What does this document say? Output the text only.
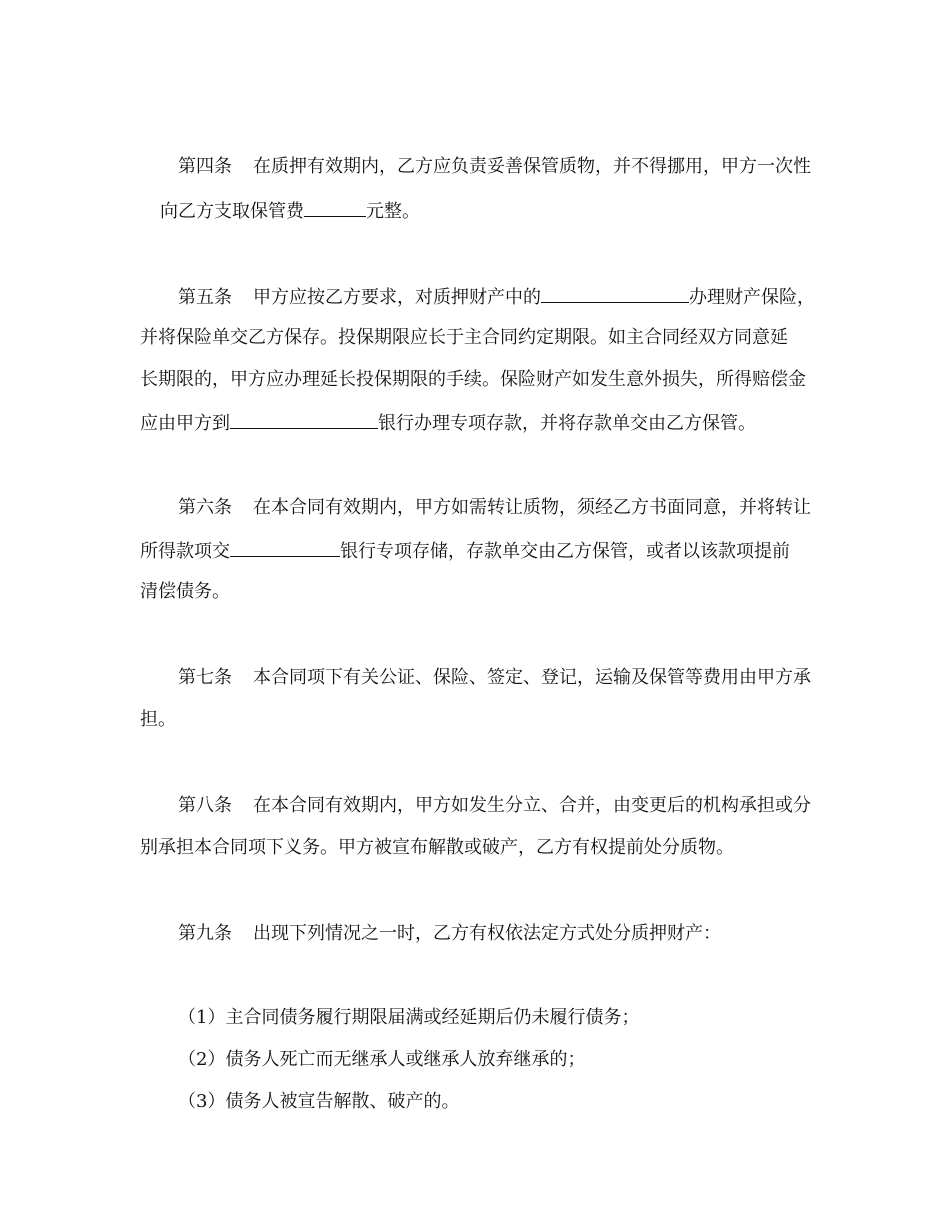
第四条 在质押有效期内，乙方应负责妥善保管质物，并不得挪用，甲方一次性
向乙方支取保管费	元整。
第五条 甲方应按乙方要求，对质押财产中的	办理财产保险，
并将保险单交乙方保存。投保期限应长于主合同约定期限。如主合同经双方同意延
长期限的，甲方应办理延长投保期限的手续。保险财产如发生意外损失，所得赔偿金
应由甲方到	银行办理专项存款，并将存款单交由乙方保管。
第六条 在本合同有效期内，甲方如需转让质物，须经乙方书面同意，并将转让
所得款项交	银行专项存储，存款单交由乙方保管，或者以该款项提前
清偿债务。
第七条 本合同项下有关公证、保险、签定、登记，运输及保管等费用由甲方承
担。
第八条 在本合同有效期内，甲方如发生分立、合并，由变更后的机构承担或分
别承担本合同项下义务。甲方被宣布解散或破产，乙方有权提前处分质物。
第九条 出现下列情况之一时，乙方有权依法定方式处分质押财产：
（1）主合同债务履行期限届满或经延期后仍未履行债务；
（2）债务人死亡而无继承人或继承人放弃继承的；
（3）债务人被宣告解散、破产的。
